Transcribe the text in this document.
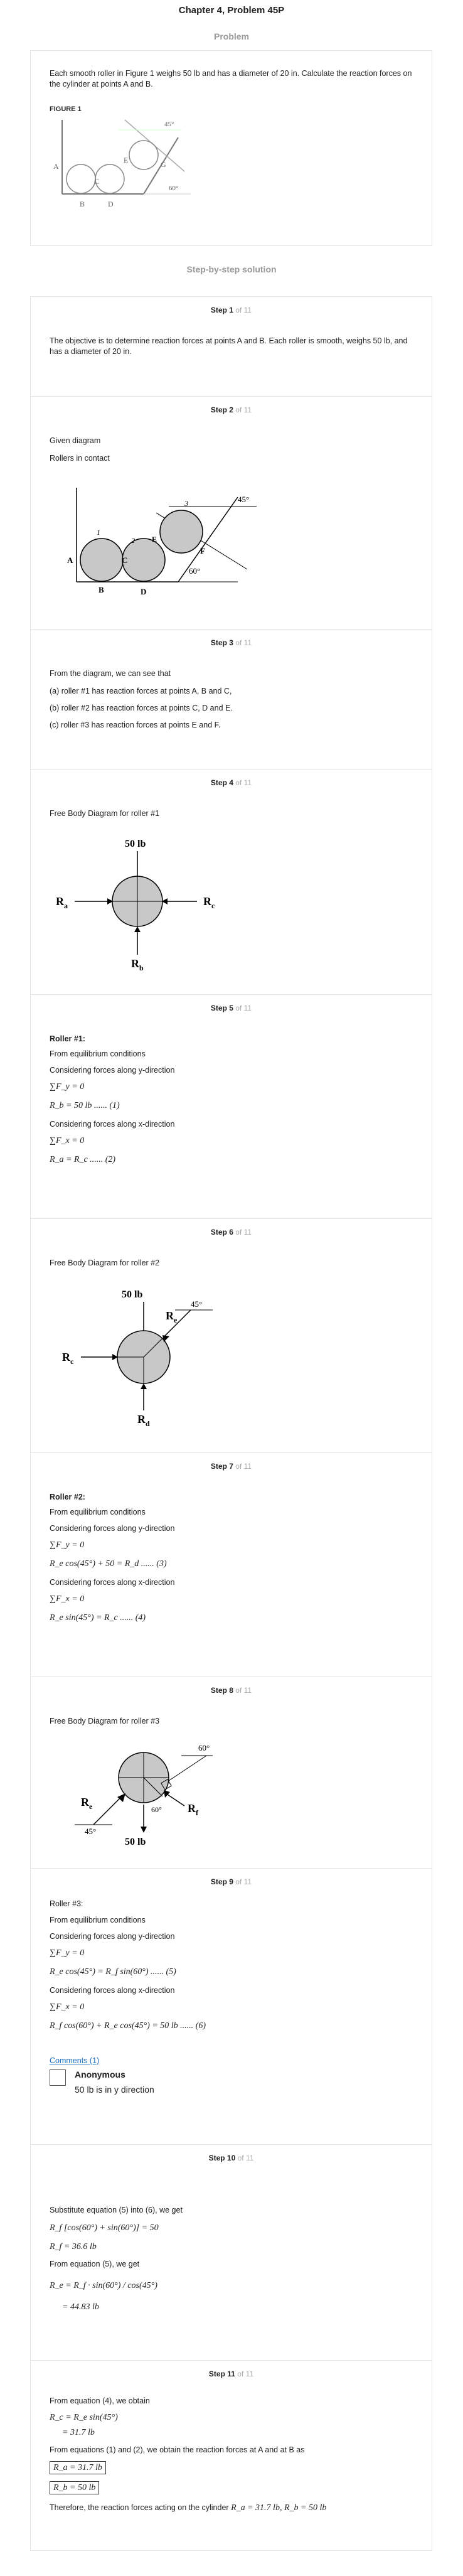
Chapter 4, Problem 45P
Problem
Each smooth roller in Figure 1 weighs 50 lb and has a diameter of 20 in. Calculate the reaction forces on the cylinder at points A and B.
FIGURE 1
A
B
C
D
E	G
45°
60°
Step-by-step solution
Step 1 of 11
The objective is to determine reaction forces at points A and B. Each roller is smooth, weighs 50 lb, and has a diameter of 20 in.
Step 2 of 11
Given diagram
Rollers in contact
1
2 E
3	45°
A	C
F
B	D
60°
Step 3 of 11
From the diagram, we can see that
(a) roller #1 has reaction forces at points A, B and C,
(b) roller #2 has reaction forces at points C, D and E.
(c) roller #3 has reaction forces at points E and F.
Step 4 of 11
Free Body Diagram for roller #1
50 lb
$R_a$	$R_c$
$R_b$
Step 5 of 11
Roller #1:
From equilibrium conditions
Considering forces along y-direction
∑F_y = 0
R_b = 50 lb ...... (1)
Considering forces along x-direction
∑F_x = 0
R_a = R_c ...... (2)
Step 6 of 11
Free Body Diagram for roller #2
50 lb
45°
$R_c$
$R_e$
$R_d$
Step 7 of 11
Roller #2:
From equilibrium conditions
Considering forces along y-direction
∑F_y = 0
R_e cos(45°) + 50 = R_d ...... (3)
Considering forces along x-direction
∑F_x = 0
R_e sin(45°) = R_c ...... (4)
Step 8 of 11
Free Body Diagram for roller #3
50 lb
45°
60°
60°
$R_e$	$R_f$
Step 9 of 11
Roller #3:
From equilibrium conditions
Considering forces along y-direction
∑F_y = 0
R_e cos(45°) = R_f sin(60°) ...... (5)
Considering forces along x-direction
∑F_x = 0
R_f cos(60°) + R_e cos(45°) = 50 lb ...... (6)
Comments (1)
Anonymous
50 lb is in y direction
Step 10 of 11
Substitute equation (5) into (6), we get
R_f [cos(60°) + sin(60°)] = 50
R_f = 36.6 lb
From equation (5), we get
R_e = R_f · sin(60°) / cos(45°)
= 44.83 lb
Step 11 of 11
From equation (4), we obtain
R_c = R_e sin(45°)
= 31.7 lb
From equations (1) and (2), we obtain the reaction forces at A and at B as
R_a = 31.7 lb
R_b = 50 lb
Therefore, the reaction forces acting on the cylinder R_a = 31.7 lb, R_b = 50 lb
